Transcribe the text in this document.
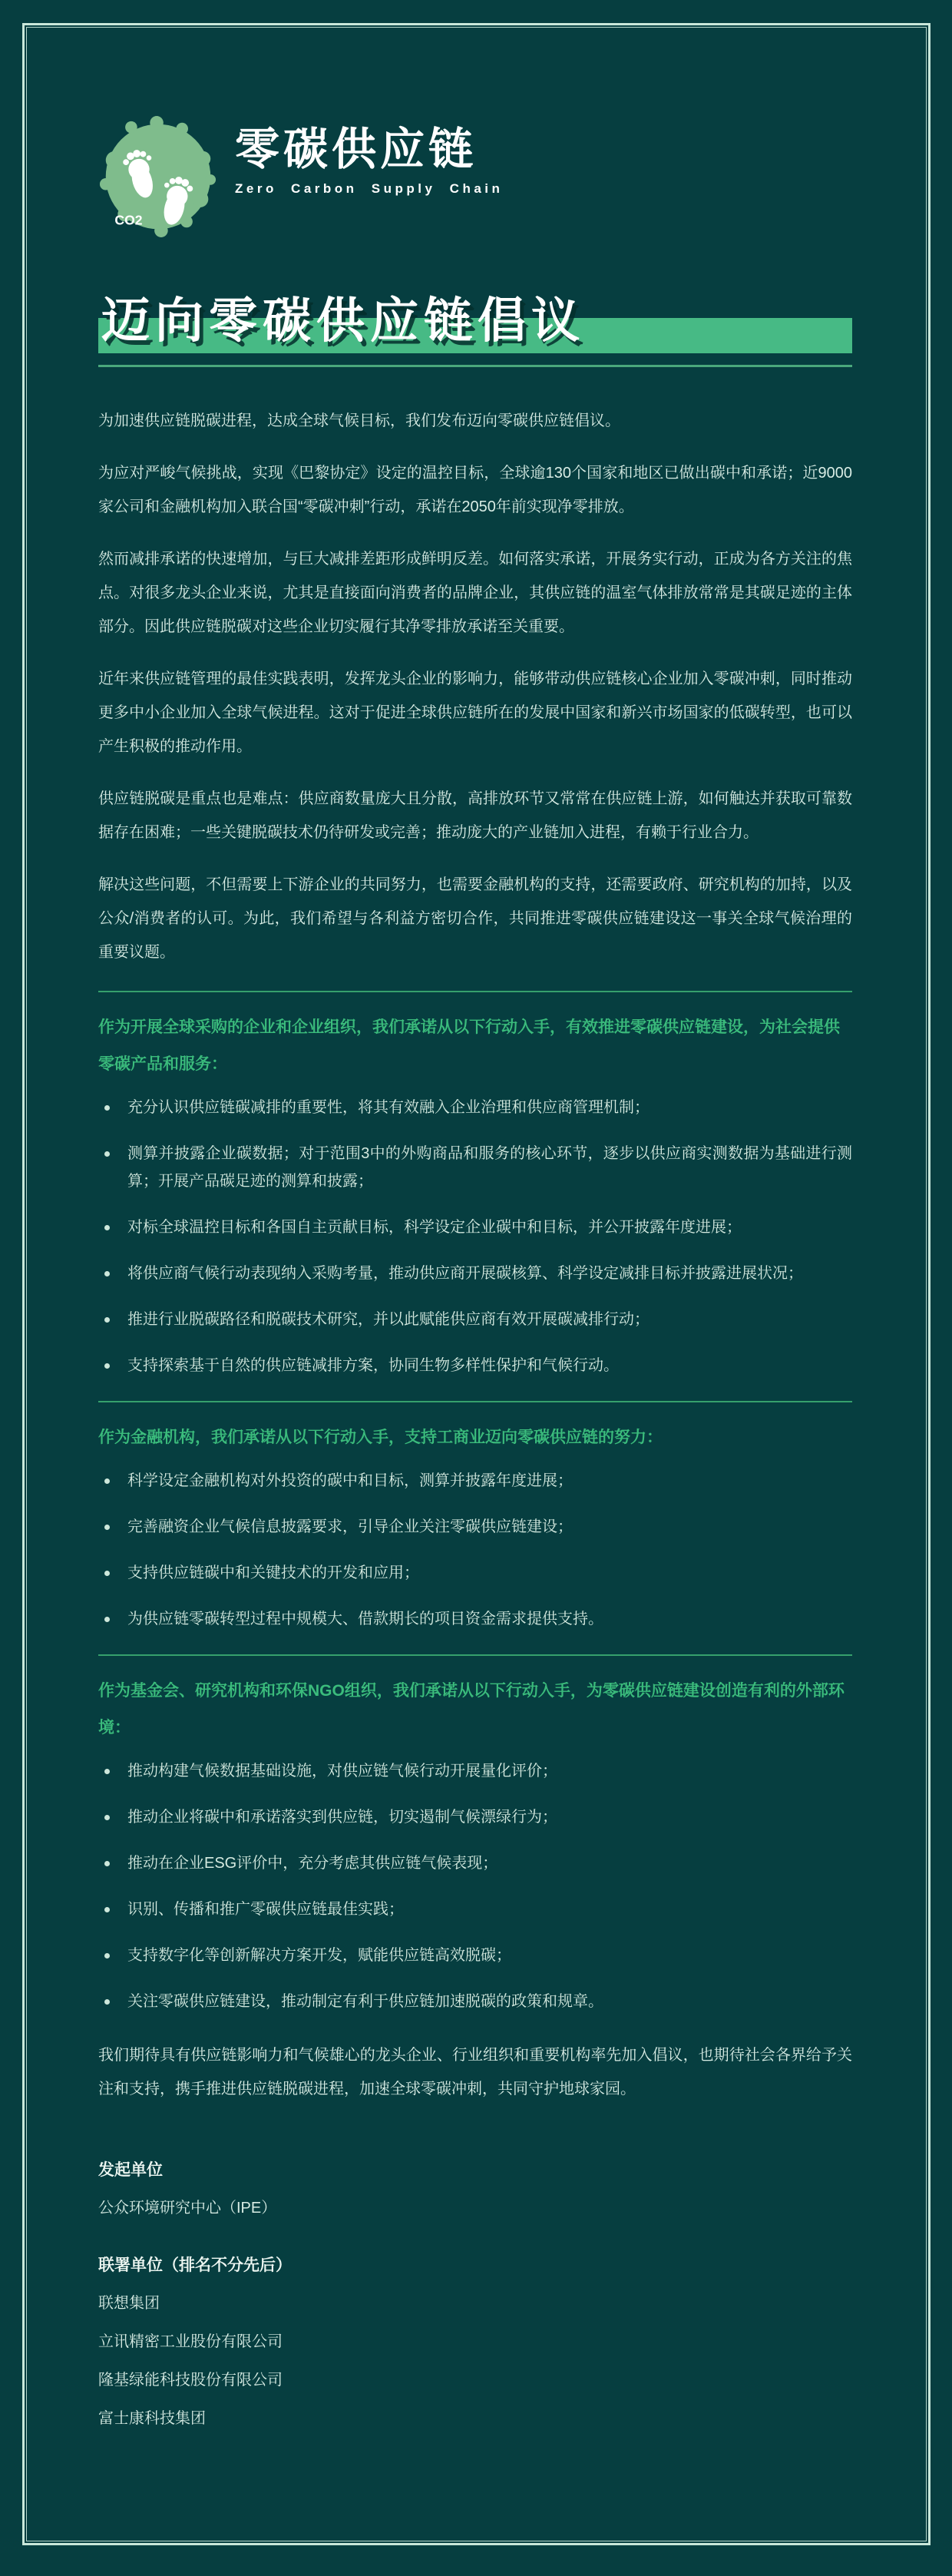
CO2
零碳供应链
Zero Carbon Supply Chain
迈向零碳供应链倡议

为加速供应链脱碳进程，达成全球气候目标，我们发布迈向零碳供应链倡议。

为应对严峻气候挑战，实现《巴黎协定》设定的温控目标，全球逾130个国家和地区已做出碳中和承诺；近9000家公司和金融机构加入联合国“零碳冲刺”行动，承诺在2050年前实现净零排放。

然而减排承诺的快速增加，与巨大减排差距形成鲜明反差。如何落实承诺，开展务实行动，正成为各方关注的焦点。对很多龙头企业来说，尤其是直接面向消费者的品牌企业，其供应链的温室气体排放常常是其碳足迹的主体部分。因此供应链脱碳对这些企业切实履行其净零排放承诺至关重要。

近年来供应链管理的最佳实践表明，发挥龙头企业的影响力，能够带动供应链核心企业加入零碳冲刺，同时推动更多中小企业加入全球气候进程。这对于促进全球供应链所在的发展中国家和新兴市场国家的低碳转型，也可以产生积极的推动作用。

供应链脱碳是重点也是难点：供应商数量庞大且分散，高排放环节又常常在供应链上游，如何触达并获取可靠数据存在困难；一些关键脱碳技术仍待研发或完善；推动庞大的产业链加入进程，有赖于行业合力。

解决这些问题，不但需要上下游企业的共同努力，也需要金融机构的支持，还需要政府、研究机构的加持，以及公众/消费者的认可。为此，我们希望与各利益方密切合作，共同推进零碳供应链建设这一事关全球气候治理的重要议题。

作为开展全球采购的企业和企业组织，我们承诺从以下行动入手，有效推进零碳供应链建设，为社会提供零碳产品和服务：

充分认识供应链碳减排的重要性，将其有效融入企业治理和供应商管理机制；
测算并披露企业碳数据；对于范围3中的外购商品和服务的核心环节，逐步以供应商实测数据为基础进行测算；开展产品碳足迹的测算和披露；
对标全球温控目标和各国自主贡献目标，科学设定企业碳中和目标，并公开披露年度进展；
将供应商气候行动表现纳入采购考量，推动供应商开展碳核算、科学设定减排目标并披露进展状况；
推进行业脱碳路径和脱碳技术研究，并以此赋能供应商有效开展碳减排行动；
支持探索基于自然的供应链减排方案，协同生物多样性保护和气候行动。

作为金融机构，我们承诺从以下行动入手，支持工商业迈向零碳供应链的努力：

科学设定金融机构对外投资的碳中和目标，测算并披露年度进展；
完善融资企业气候信息披露要求，引导企业关注零碳供应链建设；
支持供应链碳中和关键技术的开发和应用；
为供应链零碳转型过程中规模大、借款期长的项目资金需求提供支持。

作为基金会、研究机构和环保NGO组织，我们承诺从以下行动入手，为零碳供应链建设创造有利的外部环境：

推动构建气候数据基础设施，对供应链气候行动开展量化评价；
推动企业将碳中和承诺落实到供应链，切实遏制气候漂绿行为；
推动在企业ESG评价中，充分考虑其供应链气候表现；
识别、传播和推广零碳供应链最佳实践；
支持数字化等创新解决方案开发，赋能供应链高效脱碳；
关注零碳供应链建设，推动制定有利于供应链加速脱碳的政策和规章。

我们期待具有供应链影响力和气候雄心的龙头企业、行业组织和重要机构率先加入倡议，也期待社会各界给予关注和支持，携手推进供应链脱碳进程，加速全球零碳冲刺，共同守护地球家园。

发起单位

公众环境研究中心（IPE）

联署单位（排名不分先后）

联想集团
立讯精密工业股份有限公司
隆基绿能科技股份有限公司
富士康科技集团
